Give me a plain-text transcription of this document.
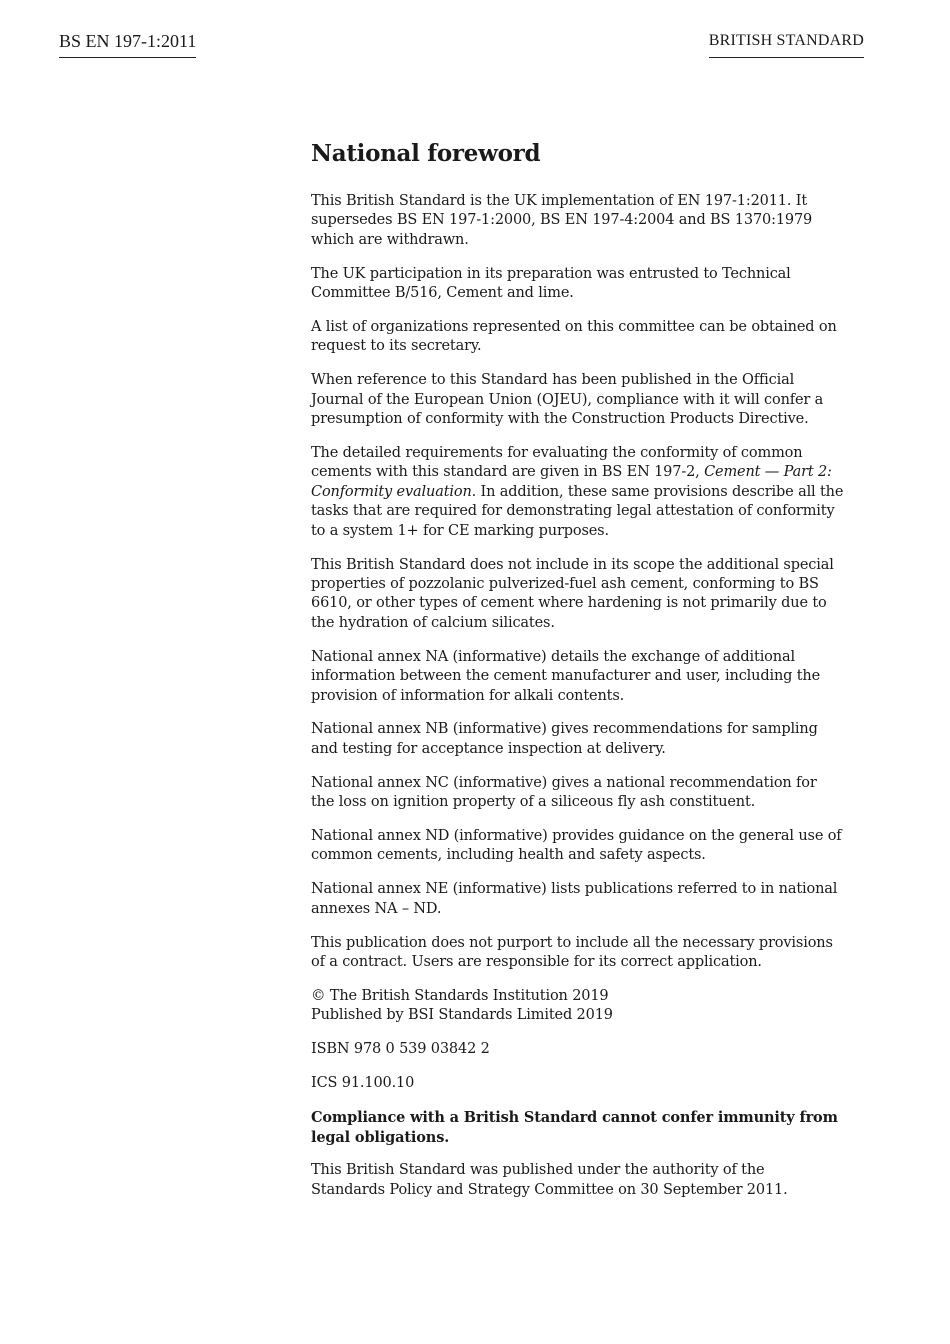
BS EN 197-1:2011	BRITISH STANDARD
National foreword

This British Standard is the UK implementation of EN 197-1:2011. It
supersedes BS EN 197-1:2000, BS EN 197-4:2004 and BS 1370:1979
which are withdrawn.

The UK participation in its preparation was entrusted to Technical
Committee B/516, Cement and lime.

A list of organizations represented on this committee can be obtained on
request to its secretary.

When reference to this Standard has been published in the Official
Journal of the European Union (OJEU), compliance with it will confer a
presumption of conformity with the Construction Products Directive.

The detailed requirements for evaluating the conformity of common
cements with this standard are given in BS EN 197-2, Cement — Part 2:
Conformity evaluation. In addition, these same provisions describe all the
tasks that are required for demonstrating legal attestation of conformity
to a system 1+ for CE marking purposes.

This British Standard does not include in its scope the additional special
properties of pozzolanic pulverized-fuel ash cement, conforming to BS
6610, or other types of cement where hardening is not primarily due to
the hydration of calcium silicates.

National annex NA (informative) details the exchange of additional
information between the cement manufacturer and user, including the
provision of information for alkali contents.

National annex NB (informative) gives recommendations for sampling
and testing for acceptance inspection at delivery.

National annex NC (informative) gives a national recommendation for
the loss on ignition property of a siliceous fly ash constituent.

National annex ND (informative) provides guidance on the general use of
common cements, including health and safety aspects.

National annex NE (informative) lists publications referred to in national
annexes NA – ND.

This publication does not purport to include all the necessary provisions
of a contract. Users are responsible for its correct application.

© The British Standards Institution 2019
Published by BSI Standards Limited 2019

ISBN 978 0 539 03842 2

ICS 91.100.10

Compliance with a British Standard cannot confer immunity from
legal obligations.

This British Standard was published under the authority of the
Standards Policy and Strategy Committee on 30 September 2011.
